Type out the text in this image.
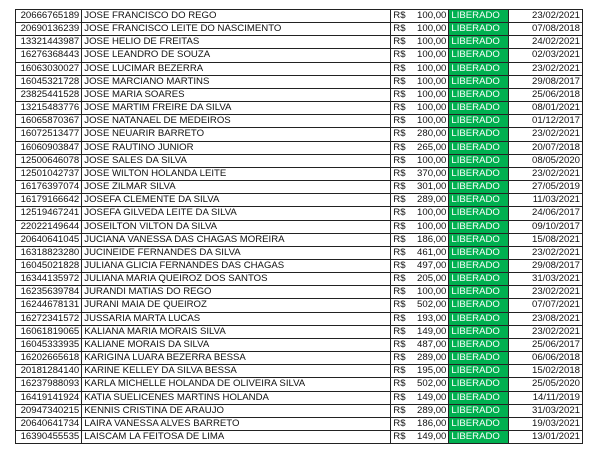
20666765189	JOSE FRANCISCO DO REGO	R$	100,00	LIBERADO	23/02/2021
20690136239	JOSE FRANCISCO LEITE DO NASCIMENTO	R$	100,00	LIBERADO	07/08/2018
13321443987	JOSE HELIO DE FREITAS	R$	100,00	LIBERADO	24/02/2021
16276368443	JOSE LEANDRO DE SOUZA	R$	100,00	LIBERADO	02/03/2021
16063030027	JOSE LUCIMAR BEZERRA	R$	100,00	LIBERADO	23/02/2021
16045321728	JOSE MARCIANO MARTINS	R$	100,00	LIBERADO	29/08/2017
23825441528	JOSE MARIA SOARES	R$	100,00	LIBERADO	25/06/2018
13215483776	JOSE MARTIM FREIRE DA SILVA	R$	100,00	LIBERADO	08/01/2021
16065870367	JOSE NATANAEL DE MEDEIROS	R$	100,00	LIBERADO	01/12/2017
16072513477	JOSE NEUARIR BARRETO	R$	280,00	LIBERADO	23/02/2021
16060903847	JOSE RAUTINO JUNIOR	R$	265,00	LIBERADO	20/07/2018
12500646078	JOSE SALES DA SILVA	R$	100,00	LIBERADO	08/05/2020
12501042737	JOSE WILTON HOLANDA LEITE	R$	370,00	LIBERADO	23/02/2021
16176397074	JOSE ZILMAR SILVA	R$	301,00	LIBERADO	27/05/2019
16179166642	JOSEFA CLEMENTE DA SILVA	R$	289,00	LIBERADO	11/03/2021
12519467241	JOSEFA GILVEDA LEITE DA SILVA	R$	100,00	LIBERADO	24/06/2017
22022149644	JOSEILTON VILTON DA SILVA	R$	100,00	LIBERADO	09/10/2017
20640641045	JUCIANA VANESSA DAS CHAGAS MOREIRA	R$	186,00	LIBERADO	15/08/2021
16318823280	JUCINEIDE FERNANDES DA SILVA	R$	461,00	LIBERADO	23/02/2021
16045021828	JULIANA GLICIA FERNANDES DAS CHAGAS	R$	497,00	LIBERADO	29/08/2017
16344135972	JULIANA MARIA QUEIROZ DOS SANTOS	R$	205,00	LIBERADO	31/03/2021
16235639784	JURANDI MATIAS DO REGO	R$	100,00	LIBERADO	23/02/2021
16244678131	JURANI MAIA DE QUEIROZ	R$	502,00	LIBERADO	07/07/2021
16272341572	JUSSARIA MARTA LUCAS	R$	193,00	LIBERADO	23/08/2021
16061819065	KALIANA MARIA MORAIS SILVA	R$	149,00	LIBERADO	23/02/2021
16045333935	KALIANE MORAIS DA SILVA	R$	487,00	LIBERADO	25/06/2017
16202665618	KARIGINA LUARA BEZERRA BESSA	R$	289,00	LIBERADO	06/06/2018
20181284140	KARINE KELLEY DA SILVA BESSA	R$	195,00	LIBERADO	15/02/2018
16237988093	KARLA MICHELLE HOLANDA DE OLIVEIRA SILVA	R$	502,00	LIBERADO	25/05/2020
16419141924	KATIA SUELICENES MARTINS HOLANDA	R$	149,00	LIBERADO	14/11/2019
20947340215	KENNIS CRISTINA DE ARAUJO	R$	289,00	LIBERADO	31/03/2021
20640641734	LAIRA VANESSA ALVES BARRETO	R$	186,00	LIBERADO	19/03/2021
16390455535	LAISCAM LA FEITOSA DE LIMA	R$	149,00	LIBERADO	13/01/2021
